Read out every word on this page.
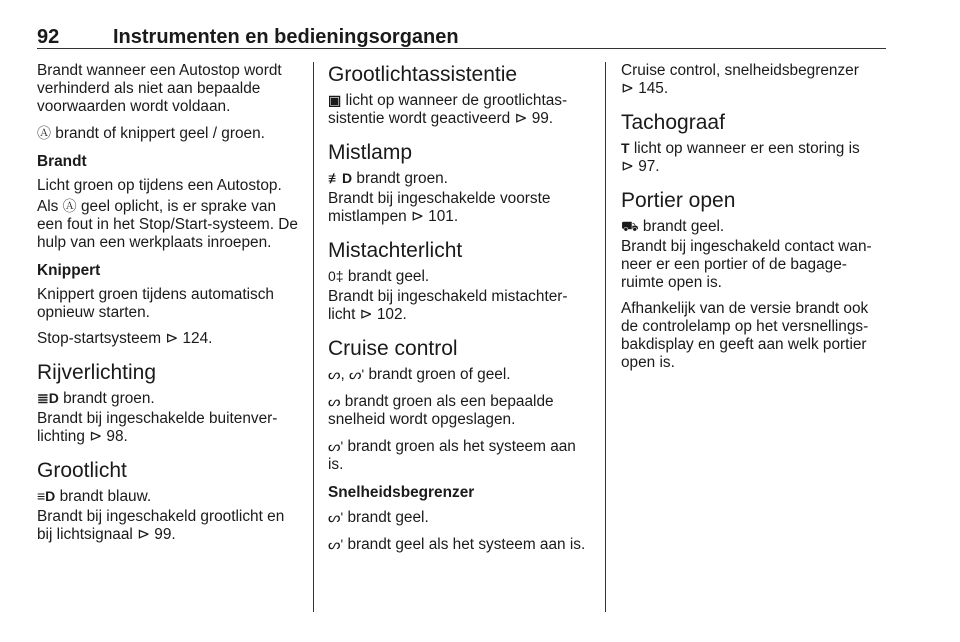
92	Instrumenten en bedieningsorganen

Brandt wanneer een Autostop wordt verhinderd als niet aan bepaalde voorwaarden wordt voldaan.

Ⓐ brandt of knippert geel / groen.

Brandt

Licht groen op tijdens een Autostop.

Als Ⓐ geel oplicht, is er sprake van een fout in het Stop/Start-systeem. De hulp van een werkplaats inroepen.

Knippert

Knippert groen tijdens automatisch opnieuw starten.

Stop-startsysteem ⊳ 124.

Rijverlichting

≣D brandt groen.

Brandt bij ingeschakelde buitenver-lichting ⊳ 98.

Grootlicht

≡D brandt blauw.

Brandt bij ingeschakeld grootlicht en bij lichtsignaal ⊳ 99.

Grootlichtassistentie

▣ licht op wanneer de grootlichtas-sistentie wordt geactiveerd ⊳ 99.

Mistlamp

≢D brandt groen.

Brandt bij ingeschakelde voorste mistlampen ⊳ 101.

Mistachterlicht

0‡ brandt geel.

Brandt bij ingeschakeld mistachter-licht ⊳ 102.

Cruise control

ᔕ, ᔕ' brandt groen of geel.

ᔕ brandt groen als een bepaalde snelheid wordt opgeslagen.

ᔕ' brandt groen als het systeem aan is.

Snelheidsbegrenzer

ᔕ' brandt geel.

ᔕ' brandt geel als het systeem aan is.

Cruise control, snelheidsbegrenzer
⊳ 145.

Tachograaf

T licht op wanneer er een storing is
⊳ 97.

Portier open

⛟ brandt geel.

Brandt bij ingeschakeld contact wan-neer er een portier of de bagage-ruimte open is.

Afhankelijk van de versie brandt ook de controlelamp op het versnellings-bakdisplay en geeft aan welk portier open is.
